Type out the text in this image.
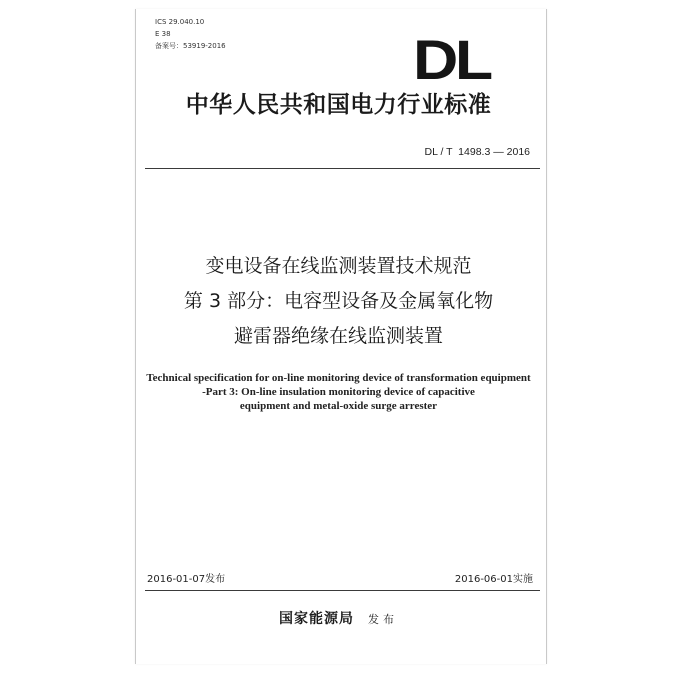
ICS 29.040.10
E 38
备案号：53919-2016	DL
中华人民共和国电力行业标准
DL / T  1498.3 — 2016
变电设备在线监测装置技术规范
第 3 部分：电容型设备及金属氧化物
避雷器绝缘在线监测装置
Technical specification for on-line monitoring device of transformation equipment
-Part 3: On-line insulation monitoring device of capacitive
equipment and metal-oxide surge arrester
2016-01-07发布	2016-06-01实施
国家能源局 发布
